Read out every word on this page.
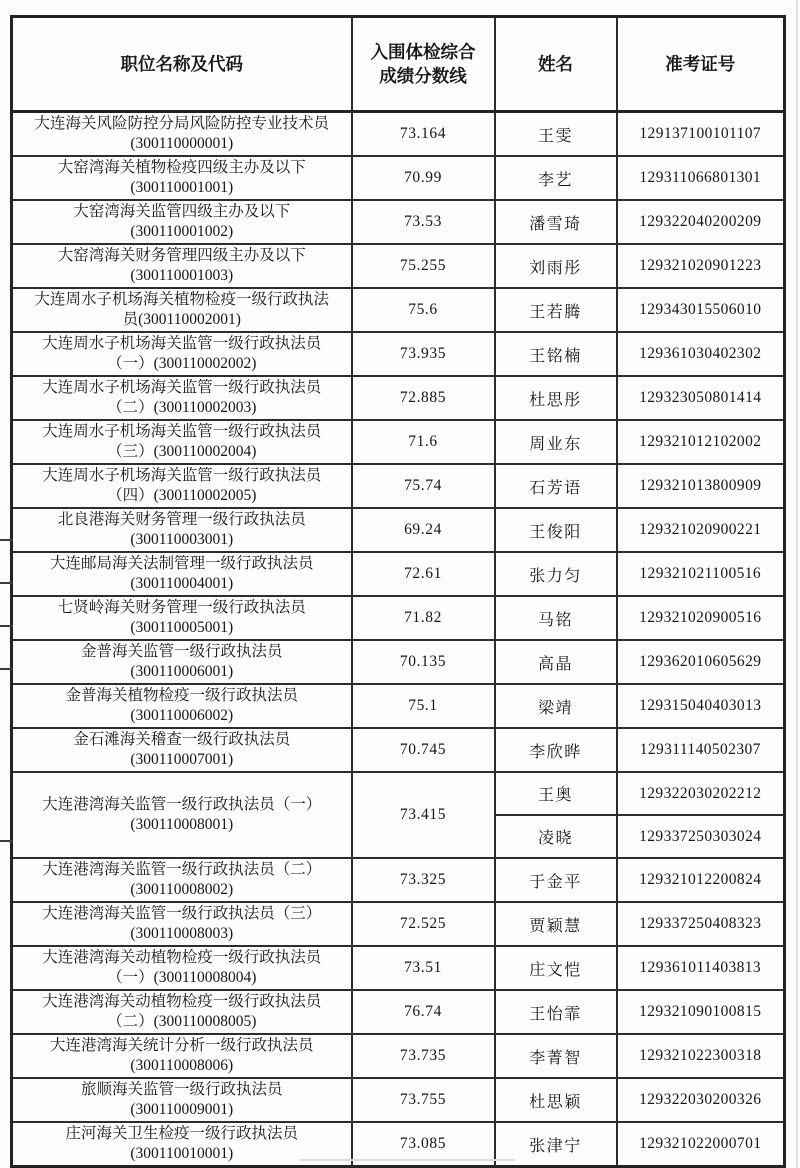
职位名称及代码	入围体检综合
成绩分数线	姓名	准考证号

大连海关风险防控分局风险防控专业技术员
(300110000001)	73.164	王雯	129137100101107

大窑湾海关植物检疫四级主办及以下
(300110001001)	70.99	李艺	129311066801301

大窑湾海关监管四级主办及以下
(300110001002)	73.53	潘雪琦	129322040200209

大窑湾海关财务管理四级主办及以下
(300110001003)	75.255	刘雨彤	129321020901223

大连周水子机场海关植物检疫一级行政执法
员(300110002001)	75.6	王若腾	129343015506010

大连周水子机场海关监管一级行政执法员
（一）(300110002002)	73.935	王铭楠	129361030402302

大连周水子机场海关监管一级行政执法员
（二）(300110002003)	72.885	杜思彤	129323050801414

大连周水子机场海关监管一级行政执法员
（三）(300110002004)	71.6	周业东	129321012102002

大连周水子机场海关监管一级行政执法员
（四）(300110002005)	75.74	石芳语	129321013800909

北良港海关财务管理一级行政执法员
(300110003001)	69.24	王俊阳	129321020900221

大连邮局海关法制管理一级行政执法员
(300110004001)	72.61	张力匀	129321021100516

七贤岭海关财务管理一级行政执法员
(300110005001)	71.82	马铭	129321020900516

金普海关监管一级行政执法员
(300110006001)	70.135	高晶	129362010605629

金普海关植物检疫一级行政执法员
(300110006002)	75.1	梁靖	129315040403013

金石滩海关稽查一级行政执法员
(300110007001)	70.745	李欣晔	129311140502307

大连港湾海关监管一级行政执法员（一）
(300110008001)	73.415	王奥	129322030202212
		凌晓	129337250303024

大连港湾海关监管一级行政执法员（二）
(300110008002)	73.325	于金平	129321012200824

大连港湾海关监管一级行政执法员（三）
(300110008003)	72.525	贾颖慧	129337250408323

大连港湾海关动植物检疫一级行政执法员
（一）(300110008004)	73.51	庄文恺	129361011403813

大连港湾海关动植物检疫一级行政执法员
（二）(300110008005)	76.74	王怡霏	129321090100815

大连港湾海关统计分析一级行政执法员
(300110008006)	73.735	李菁智	129321022300318

旅顺海关监管一级行政执法员
(300110009001)	73.755	杜思颖	129322030200326

庄河海关卫生检疫一级行政执法员
(300110010001)	73.085	张津宁	129321022000701
